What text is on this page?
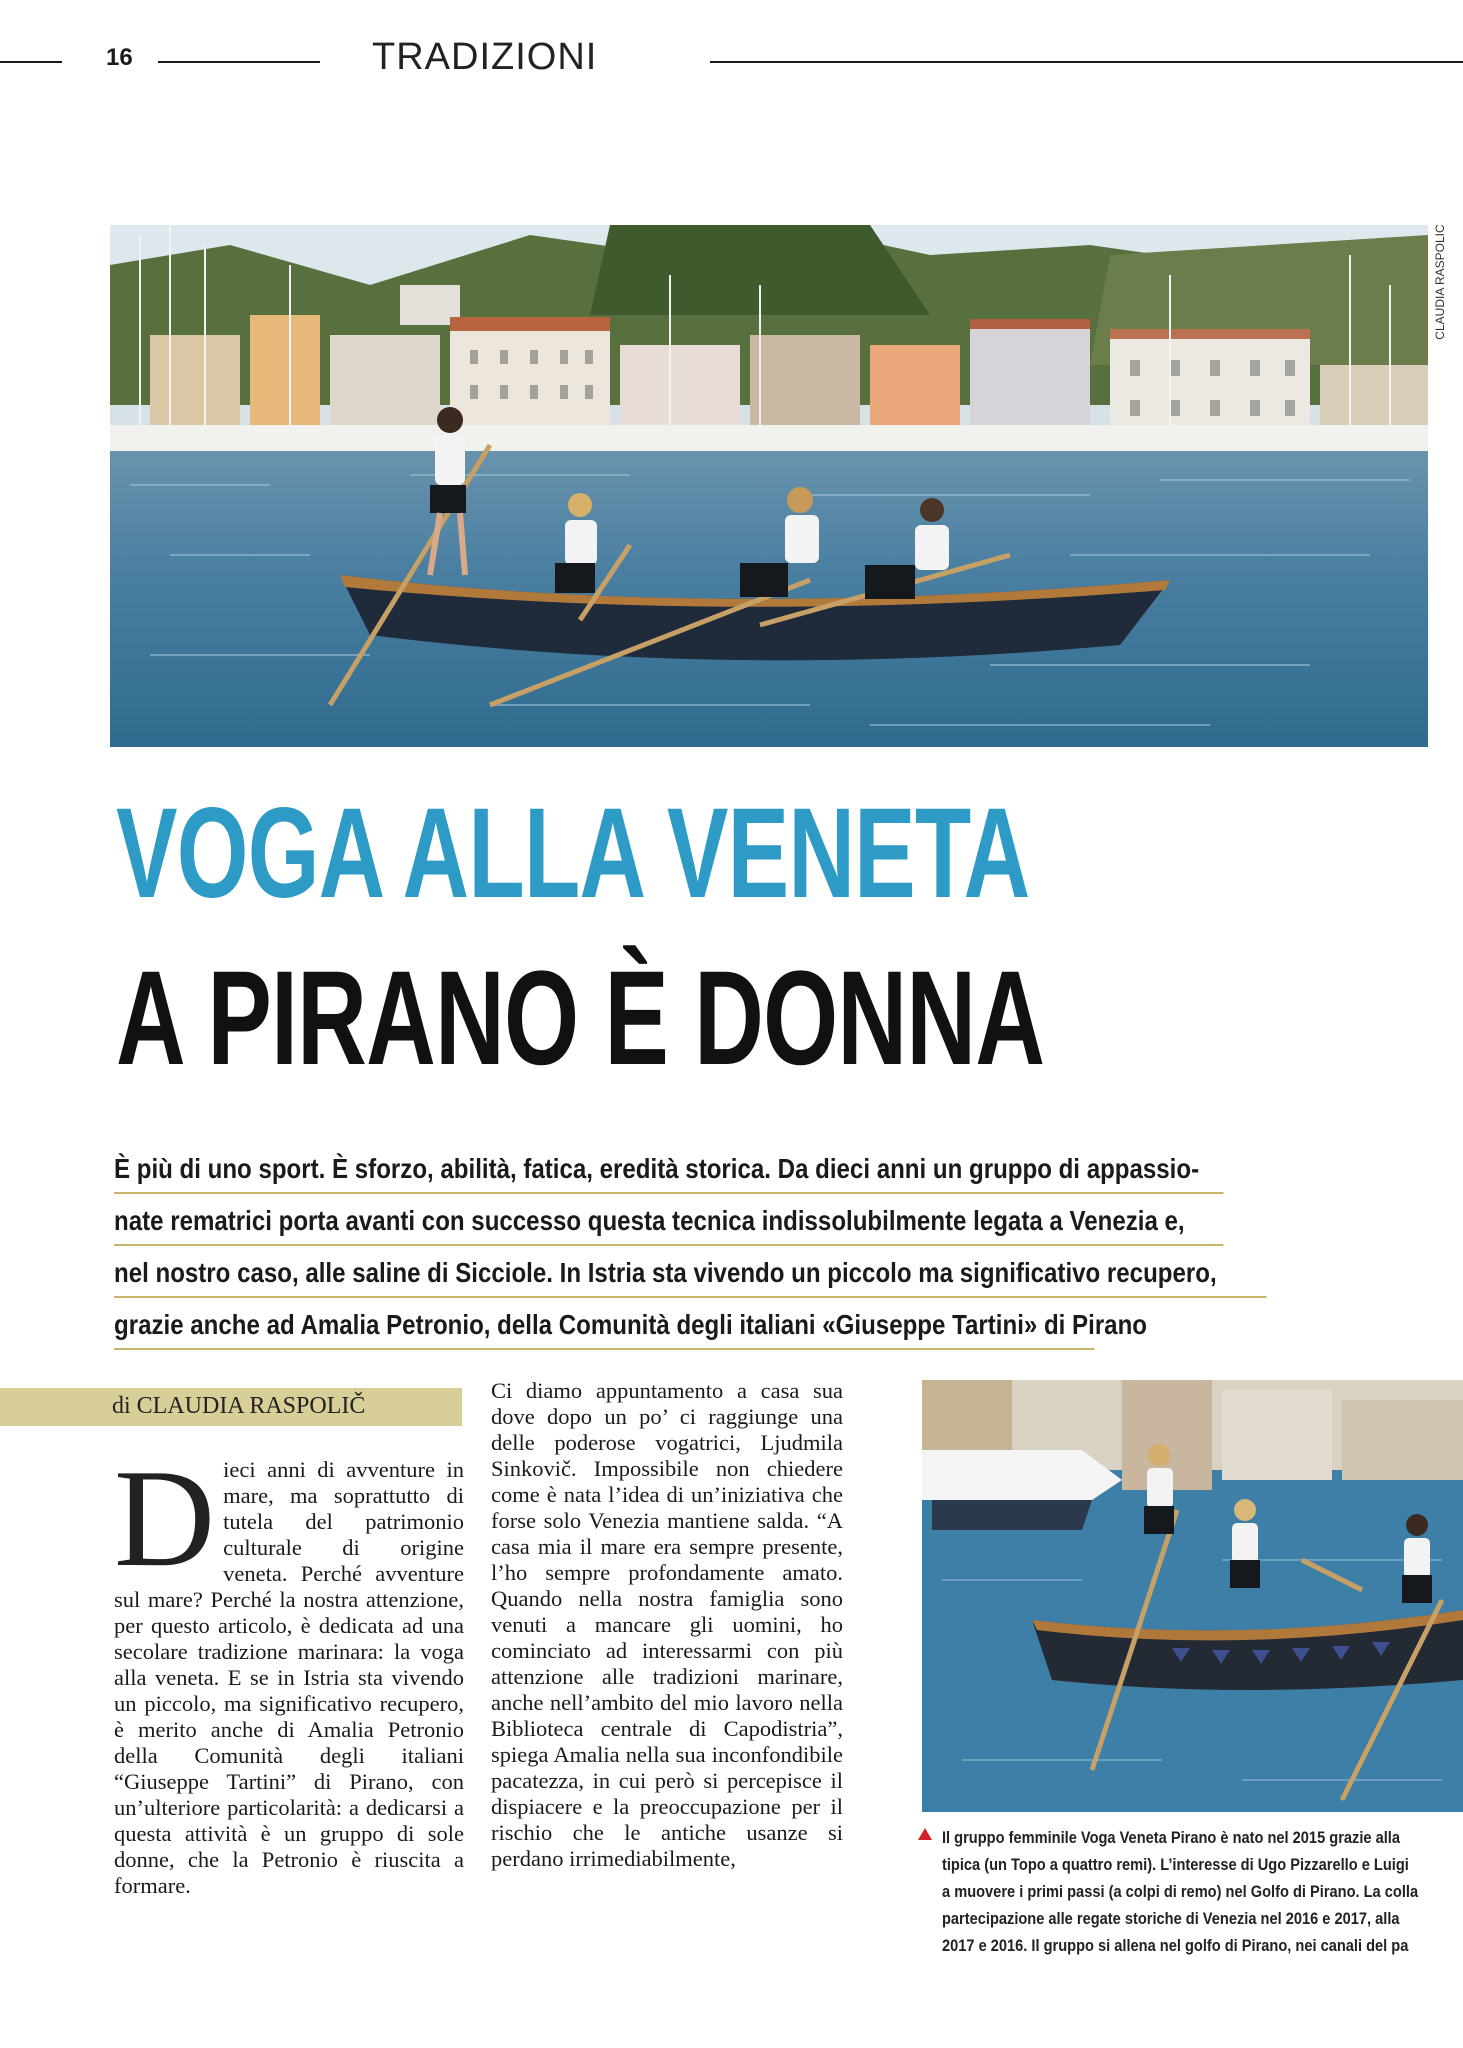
16	TRADIZIONI
CLAUDIA RASPOLIC
VOGA ALLA VENETA
A PIRANO È DONNA
È più di uno sport. È sforzo, abilità, fatica, eredità storica. Da dieci anni un gruppo di appassio-
nate rematrici porta avanti con successo questa tecnica indissolubilmente legata a Venezia e,
nel nostro caso, alle saline di Sicciole. In Istria sta vivendo un piccolo ma significativo recupero,
grazie anche ad Amalia Petronio, della Comunità degli italiani «Giuseppe Tartini» di Pirano
di CLAUDIA RASPOLIČ

Dieci anni di avventure in mare, ma soprattutto di tutela del patrimonio culturale di origine veneta. Perché avventure sul mare? Perché la nostra attenzione, per questo articolo, è dedicata ad una secolare tradizione marinara: la voga alla veneta. E se in Istria sta vivendo un piccolo, ma significativo recupero, è merito anche di Amalia Petronio della Comunità degli italiani “Giuseppe Tartini” di Pirano, con un’ulteriore particolarità: a dedicarsi a questa attività è un gruppo di sole donne, che la Petronio è riuscita a formare.

Ci diamo appuntamento a casa sua dove dopo un po’ ci raggiunge una delle poderose vogatrici, Ljudmila Sinkovič. Impossibile non chiedere come è nata l’idea di un’iniziativa che forse solo Venezia mantiene salda. “A casa mia il mare era sempre presente, l’ho sempre profondamente amato. Quando nella nostra famiglia sono venuti a mancare gli uomini, ho cominciato ad interessarmi con più attenzione alle tradizioni marinare, anche nell’ambito del mio lavoro nella Biblioteca centrale di Capodistria”, spiega Amalia nella sua inconfondibile pacatezza, in cui però si percepisce il dispiacere e la preoccupazione per il rischio che le antiche usanze si perdano irrimediabilmente,

Il gruppo femminile Voga Veneta Pirano è nato nel 2015 grazie alla
tipica (un Topo a quattro remi). L’interesse di Ugo Pizzarello e Luigi
a muovere i primi passi (a colpi di remo) nel Golfo di Pirano. La colla
partecipazione alle regate storiche di Venezia nel 2016 e 2017, alla
2017 e 2016. Il gruppo si allena nel golfo di Pirano, nei canali del pa
